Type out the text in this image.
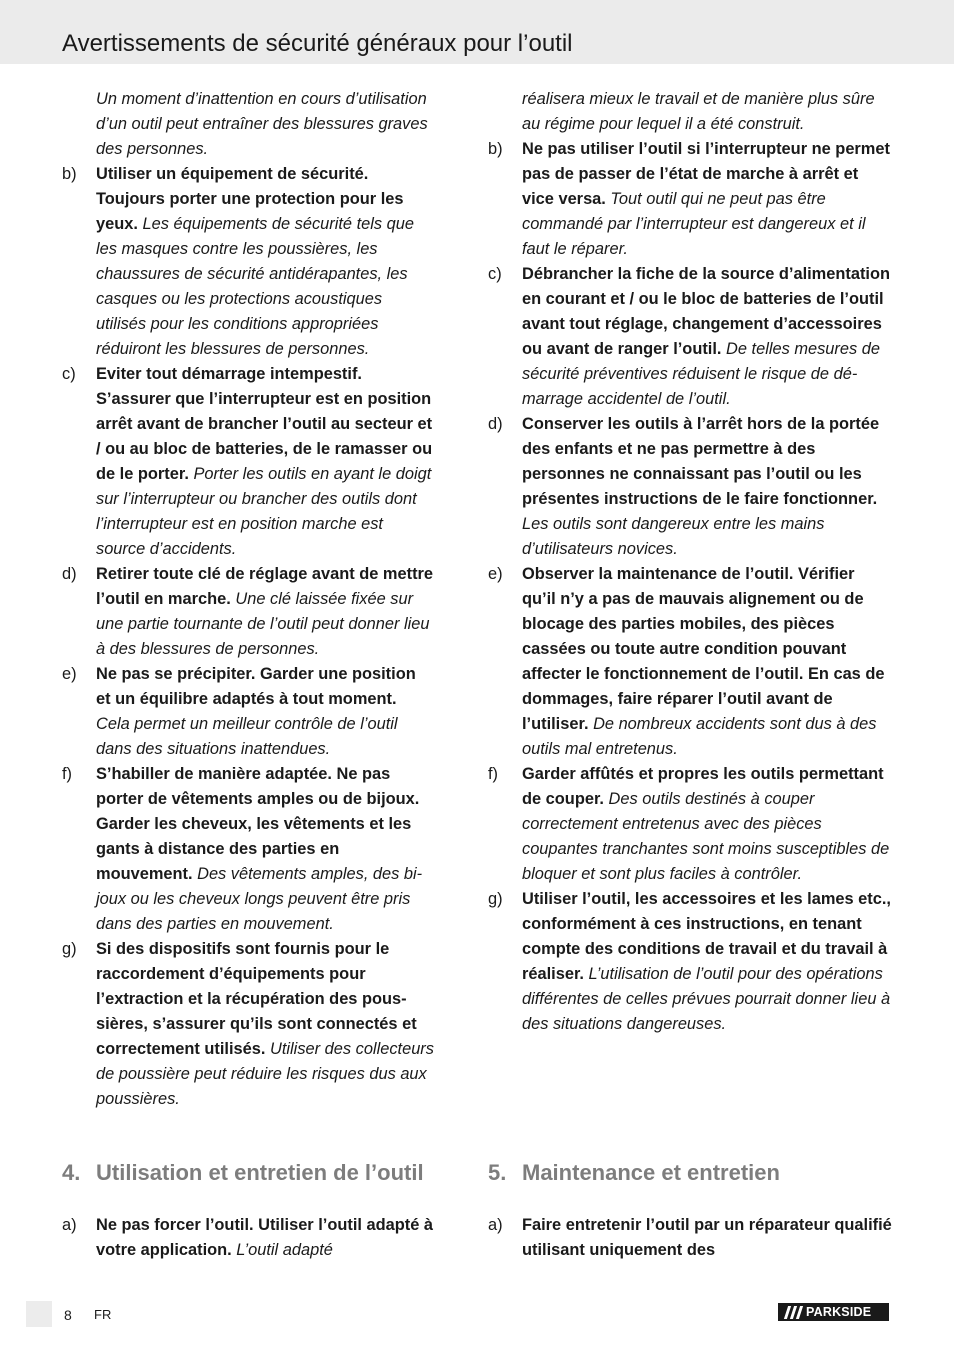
Avertissements de sécurité généraux pour l’outil
Un moment d’inattention en cours d’utilisation d’un outil peut entraîner des blessures graves des personnes.
b)	Utiliser un équipement de sécurité. Toujours porter une protection pour les yeux. Les équipements de sécurité tels que les masques contre les poussières, les chaussures de sécurité antidérapantes, les casques ou les protections acoustiques utilisés pour les conditions appropriées réduiront les blessures de personnes.
c)	Eviter tout démarrage intempestif. S’assurer que l’interrupteur est en position arrêt avant de brancher l’outil au secteur et / ou au bloc de batteries, de le ramasser ou de le porter. Porter les outils en ayant le doigt sur l’interrupteur ou brancher des outils dont l’interrupteur est en position marche est source d’accidents.
d)	Retirer toute clé de réglage avant de mettre l’outil en marche. Une clé laissée fixée sur une partie tournante de l’outil peut donner lieu à des blessures de personnes.
e)	Ne pas se précipiter. Garder une position et un équilibre adaptés à tout moment. Cela permet un meilleur contrôle de l’outil dans des situations inattendues.
f)	S’habiller de manière adaptée. Ne pas porter de vêtements amples ou de bijoux. Garder les cheveux, les vêtements et les gants à distance des parties en mouvement. Des vêtements amples, des bijoux ou les cheveux longs peuvent être pris dans des parties en mouvement.
g)	Si des dispositifs sont fournis pour le raccordement d’équipements pour l’extraction et la récupération des poussières, s’assurer qu’ils sont connectés et correctement utilisés. Utiliser des collecteurs de poussière peut réduire les risques dus aux poussières.
réalisera mieux le travail et de manière plus sûre au régime pour lequel il a été construit.
b)	Ne pas utiliser l’outil si l’interrupteur ne permet pas de passer de l’état de marche à arrêt et vice versa. Tout outil qui ne peut pas être commandé par l’interrupteur est dangereux et il faut le réparer.
c)	Débrancher la fiche de la source d’alimentation en courant et / ou le bloc de batteries de l’outil avant tout réglage, changement d’accessoires ou avant de ranger l’outil. De telles mesures de sécurité préventives réduisent le risque de démarrage accidentel de l’outil.
d)	Conserver les outils à l’arrêt hors de la portée des enfants et ne pas permettre à des personnes ne connaissant pas l’outil ou les présentes instructions de le faire fonctionner. Les outils sont dangereux entre les mains d’utilisateurs novices.
e)	Observer la maintenance de l’outil. Vérifier qu’il n’y a pas de mauvais alignement ou de blocage des parties mobiles, des pièces cassées ou toute autre condition pouvant affecter le fonctionnement de l’outil. En cas de dommages, faire réparer l’outil avant de l’utiliser. De nombreux accidents sont dus à des outils mal entretenus.
f)	Garder affûtés et propres les outils permettant de couper. Des outils destinés à couper correctement entretenus avec des pièces coupantes tranchantes sont moins susceptibles de bloquer et sont plus faciles à contrôler.
g)	Utiliser l’outil, les accessoires et les lames etc., conformément à ces instructions, en tenant compte des conditions de travail et du travail à réaliser. L’utilisation de l’outil pour des opérations différentes de celles prévues pourrait donner lieu à des situations dangereuses.
4. Utilisation et entretien de l’outil	5. Maintenance et entretien
a)	Ne pas forcer l’outil. Utiliser l’outil adapté à votre application. L’outil adapté
a)	Faire entretenir l’outil par un réparateur qualifié utilisant uniquement des
8 FR	PARKSIDE
